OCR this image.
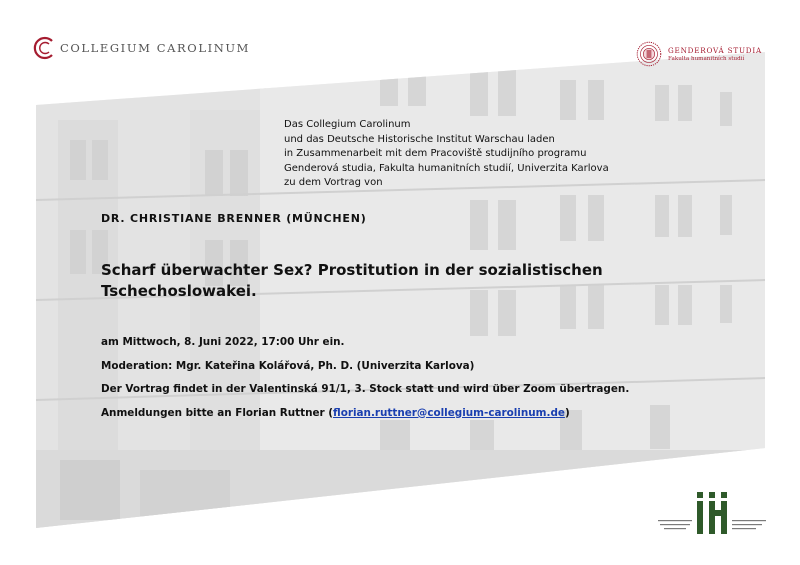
COLLEGIUM CAROLINUM	GENDEROVÁ STUDIA
Fakulta humanitních studií
Das Collegium Carolinum
und das Deutsche Historische Institut Warschau laden
in Zusammenarbeit mit dem Pracoviště studijního programu
Genderová studia, Fakulta humanitních studií, Univerzita Karlova
zu dem Vortrag von
DR. CHRISTIANE BRENNER (MÜNCHEN)
Scharf überwachter Sex? Prostitution in der sozialistischen
Tschechoslowakei.
am Mittwoch, 8. Juni 2022, 17:00 Uhr ein.
Moderation: Mgr. Kateřina Kolářová, Ph. D. (Univerzita Karlova)
Der Vortrag findet in der Valentinská 91/1, 3. Stock statt und wird über Zoom übertragen.
Anmeldungen bitte an Florian Ruttner (florian.ruttner@collegium-carolinum.de)
